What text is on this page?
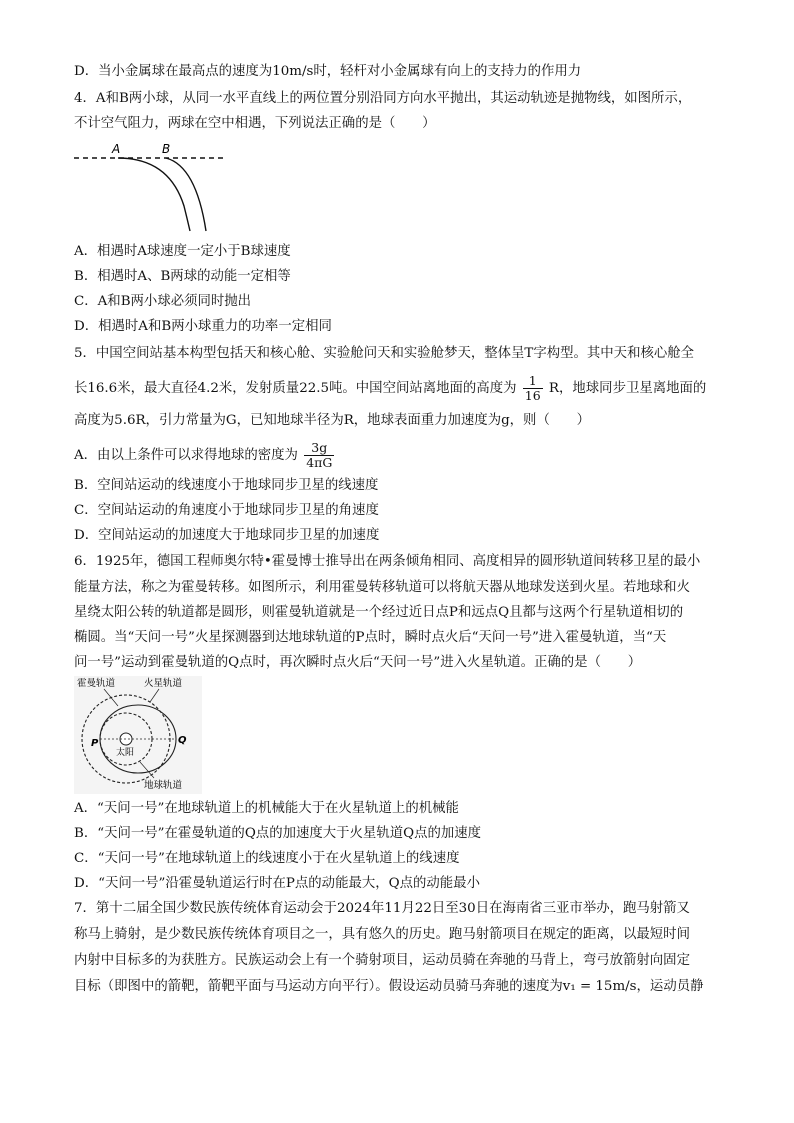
D．当小金属球在最高点的速度为10m/s时，轻杆对小金属球有向上的支持力的作用力
4．A和B两小球，从同一水平直线上的两位置分别沿同方向水平抛出，其运动轨迹是抛物线，如图所示，
不计空气阻力，两球在空中相遇，下列说法正确的是（　　）
A	B
A．相遇时A球速度一定小于B球速度
B．相遇时A、B两球的动能一定相等
C．A和B两小球必须同时抛出
D．相遇时A和B两小球重力的功率一定相同
5．中国空间站基本构型包括天和核心舱、实验舱问天和实验舱梦天，整体呈T字构型。其中天和核心舱全
长16.6米，最大直径4.2米，发射质量22.5吨。中国空间站离地面的高度为 $\frac{1}{16}$ R，地球同步卫星离地面的
高度为5.6R，引力常量为G，已知地球半径为R，地球表面重力加速度为g，则（　　）
A．由以上条件可以求得地球的密度为 $\frac{3g}{4\pi G}$
B．空间站运动的线速度小于地球同步卫星的线速度
C．空间站运动的角速度小于地球同步卫星的角速度
D．空间站运动的加速度大于地球同步卫星的加速度
6．1925年，德国工程师奥尔特•霍曼博士推导出在两条倾角相同、高度相异的圆形轨道间转移卫星的最小
能量方法，称之为霍曼转移。如图所示，利用霍曼转移轨道可以将航天器从地球发送到火星。若地球和火
星绕太阳公转的轨道都是圆形，则霍曼轨道就是一个经过近日点P和远点Q且都与这两个行星轨道相切的
椭圆。当“天问一号”火星探测器到达地球轨道的P点时，瞬时点火后“天问一号”进入霍曼轨道，当“天
问一号”运动到霍曼轨道的Q点时，再次瞬时点火后“天问一号”进入火星轨道。正确的是（　　）
霍曼轨道	火星轨道
太阳
地球轨道
P	Q
A．“天问一号”在地球轨道上的机械能大于在火星轨道上的机械能
B．“天问一号”在霍曼轨道的Q点的加速度大于火星轨道Q点的加速度
C．“天问一号”在地球轨道上的线速度小于在火星轨道上的线速度
D．“天问一号”沿霍曼轨道运行时在P点的动能最大，Q点的动能最小
7．第十二届全国少数民族传统体育运动会于2024年11月22日至30日在海南省三亚市举办，跑马射箭又
称马上骑射，是少数民族传统体育项目之一，具有悠久的历史。跑马射箭项目在规定的距离，以最短时间
内射中目标多的为获胜方。民族运动会上有一个骑射项目，运动员骑在奔驰的马背上，弯弓放箭射向固定
目标（即图中的箭靶，箭靶平面与马运动方向平行）。假设运动员骑马奔驰的速度为v₁ = 15m/s，运动员静
